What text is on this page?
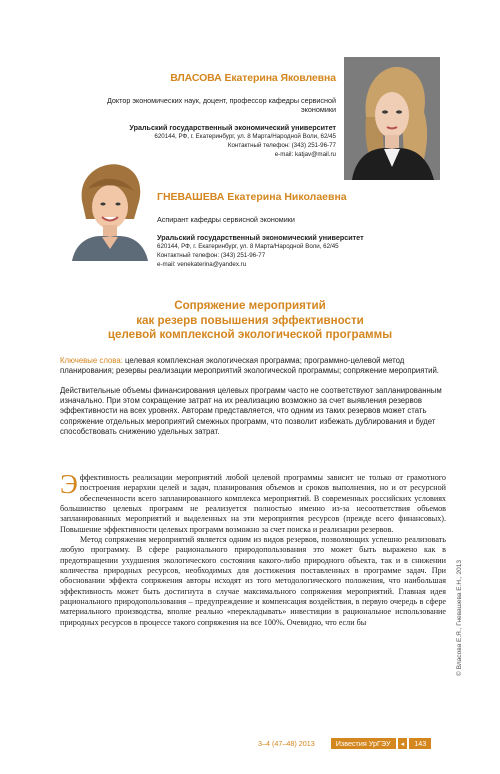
ВЛАСОВА Екатерина Яковлевна
Доктор экономических наук, доцент, профессор кафедры сервисной экономики
Уральский государственный экономический университет
620144, РФ, г. Екатеринбург, ул. 8 Марта/Народной Воли, 62/45
Контактный телефон: (343) 251-96-77
e-mail: katjav@mail.ru
ГНЕВАШЕВА Екатерина Николаевна
Аспирант кафедры сервисной экономики
Уральский государственный экономический университет
620144, РФ, г. Екатеринбург, ул. 8 Марта/Народной Воли, 62/45
Контактный телефон: (343) 251-96-77
e-mail: venekaterina@yandex.ru
Сопряжение мероприятий
как резерв повышения эффективности
целевой комплексной экологической программы
Ключевые слова: целевая комплексная экологическая программа; программно-целевой метод планирования; резервы реализации мероприятий экологической программы; сопряжение мероприятий.
Действительные объемы финансирования целевых программ часто не соответствуют запланированным изначально. При этом сокращение затрат на их реализацию возможно за счет выявления резервов эффективности на всех уровнях. Авторам представляется, что одним из таких резервов может стать сопряжение отдельных мероприятий смежных программ, что позволит избежать дублирования и будет способствовать снижению удельных затрат.

Эффективность реализации мероприятий любой целевой программы зависит не только от грамотного построения иерархии целей и задач, планирования объемов и сроков выполнения, но и от ресурсной обеспеченности всего запланированного комплекса мероприятий. В современных российских условиях большинство целевых программ не реализуется полностью именно из-за несоответствия объемов запланированных мероприятий и выделенных на эти мероприятия ресурсов (прежде всего финансовых). Повышение эффективности целевых программ возможно за счет поиска и реализации резервов.

Метод сопряжения мероприятий является одним из видов резервов, позволяющих успешно реализовать любую программу. В сфере рационального природопользования это может быть выражено как в предотвращении ухудшения экологического состояния какого-либо природного объекта, так и в снижении количества природных ресурсов, необходимых для достижения поставленных в программе задач. При обосновании эффекта сопряжения авторы исходят из того методологического положения, что наибольшая эффективность может быть достигнута в случае максимального сопряжения мероприятий. Главная идея рационального природопользования – предупреждение и компенсация воздействия, в первую очередь в сфере материального производства, вполне реально «перекладывать» инвестиции в рациональное использование природных ресурсов в процессе такого сопряжения на все 100%. Очевидно, что если бы	© Власова Е.Я., Гневашева Е.Н., 2013
3–4 (47–48) 2013	Известия УрГЭУ	◂	143
